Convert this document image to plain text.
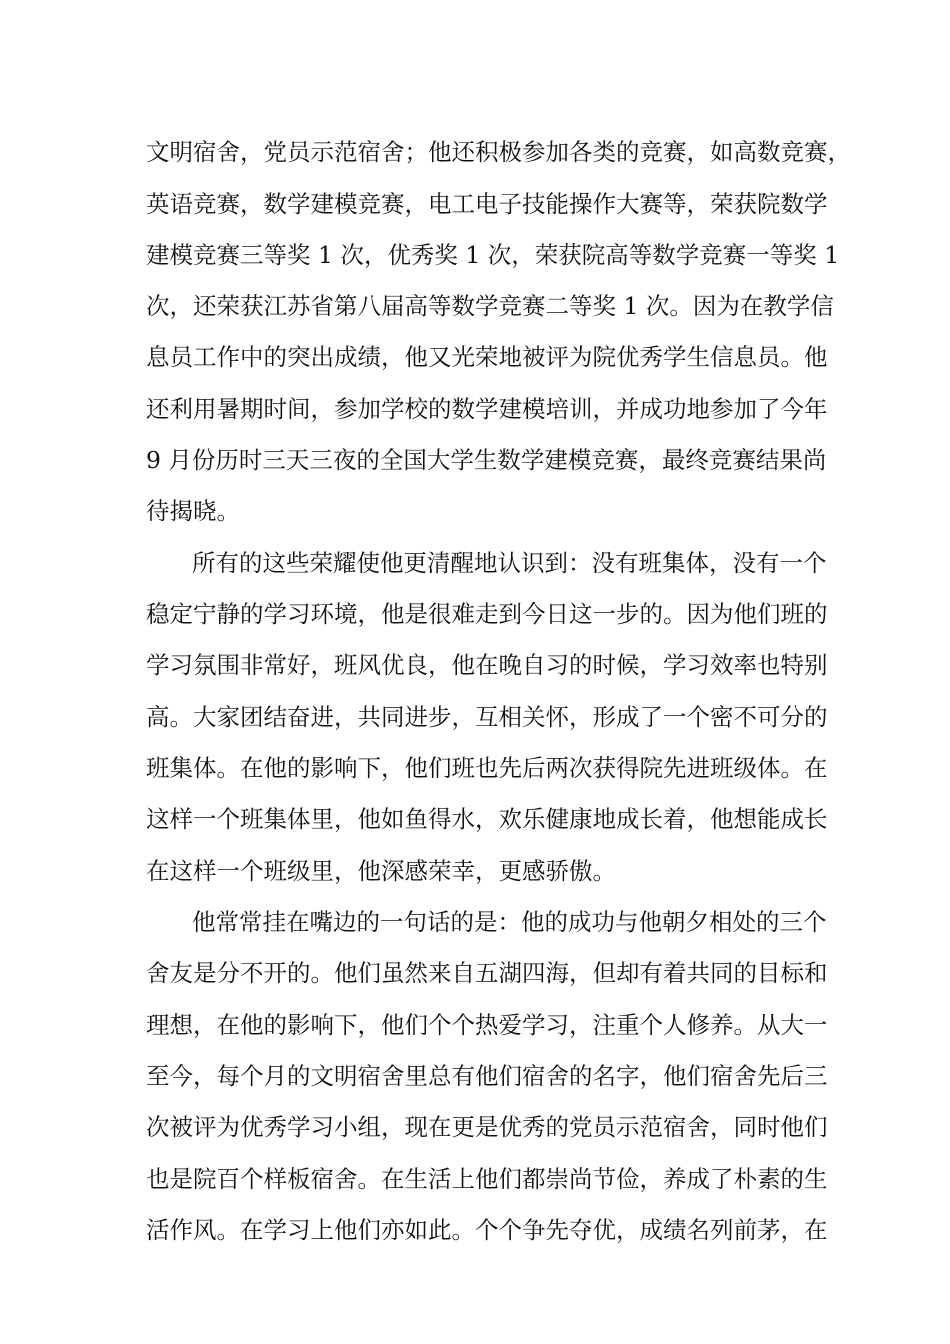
文明宿舍，党员示范宿舍；他还积极参加各类的竞赛，如高数竞赛，
英语竞赛，数学建模竞赛，电工电子技能操作大赛等，荣获院数学
建模竞赛三等奖 1 次，优秀奖 1 次，荣获院高等数学竞赛一等奖 1
次，还荣获江苏省第八届高等数学竞赛二等奖 1 次。因为在教学信
息员工作中的突出成绩，他又光荣地被评为院优秀学生信息员。他
还利用暑期时间，参加学校的数学建模培训，并成功地参加了今年
9 月份历时三天三夜的全国大学生数学建模竞赛，最终竞赛结果尚
待揭晓。
所有的这些荣耀使他更清醒地认识到：没有班集体，没有一个
稳定宁静的学习环境，他是很难走到今日这一步的。因为他们班的
学习氛围非常好，班风优良，他在晚自习的时候，学习效率也特别
高。大家团结奋进，共同进步，互相关怀，形成了一个密不可分的
班集体。在他的影响下，他们班也先后两次获得院先进班级体。在
这样一个班集体里，他如鱼得水，欢乐健康地成长着，他想能成长
在这样一个班级里，他深感荣幸，更感骄傲。
他常常挂在嘴边的一句话的是：他的成功与他朝夕相处的三个
舍友是分不开的。他们虽然来自五湖四海，但却有着共同的目标和
理想，在他的影响下，他们个个热爱学习，注重个人修养。从大一
至今，每个月的文明宿舍里总有他们宿舍的名字，他们宿舍先后三
次被评为优秀学习小组，现在更是优秀的党员示范宿舍，同时他们
也是院百个样板宿舍。在生活上他们都崇尚节俭，养成了朴素的生
活作风。在学习上他们亦如此。个个争先夺优，成绩名列前茅，在
